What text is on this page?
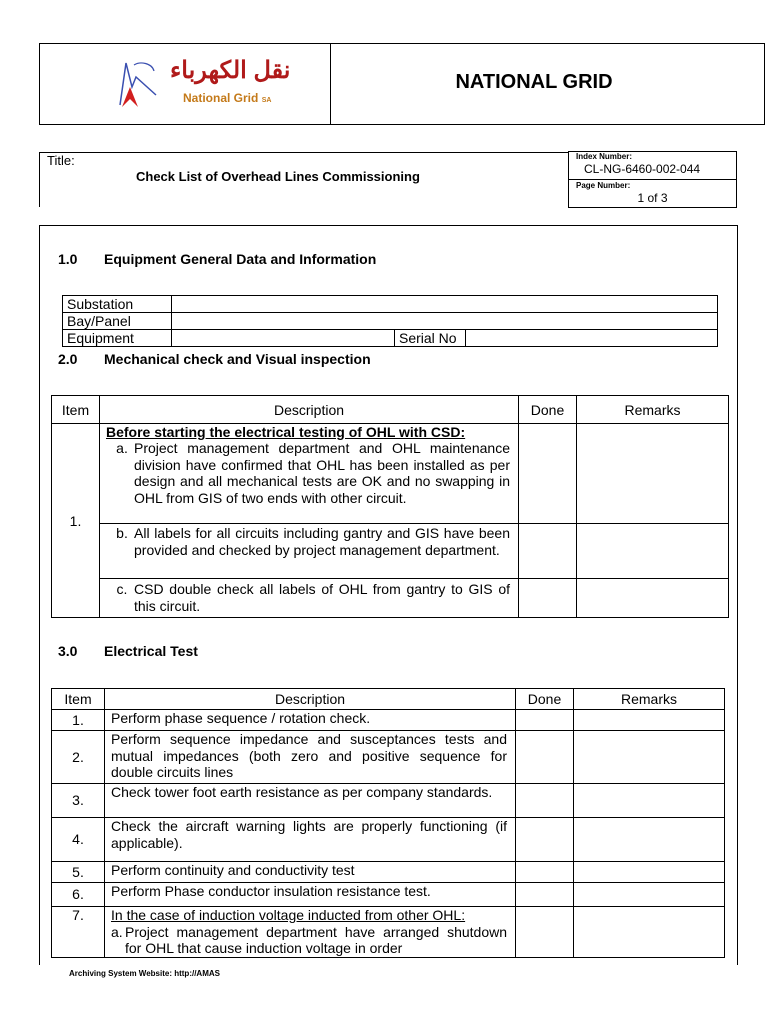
نقل الكهرباء
National Grid SA
NATIONAL GRID
Title:
Check List of Overhead Lines Commissioning
Index Number:
CL-NG-6460-002-044
Page Number:
1 of 3
1.0 Equipment General Data and Information
Substation			
Bay/Panel			
Equipment		Serial No	
2.0 Mechanical check and Visual inspection
Item	Description	Done	Remarks
1.	Before starting the electrical testing of OHL with CSD:
a. Project management department and OHL maintenance division have confirmed that OHL has been installed as per design and all mechanical tests are OK and no swapping in OHL from GIS of two ends with other circuit.		

	b. All labels for all circuits including gantry and GIS have been provided and checked by project management department.		

	c. CSD double check all labels of OHL from gantry to GIS of this circuit.		

3.0 Electrical Test
Item	Description	Done	Remarks
1.	Perform phase sequence / rotation check.		
2.	Perform sequence impedance and susceptances tests and mutual impedances (both zero and positive sequence for double circuits lines		
3.	Check tower foot earth resistance as per company standards.		
4.	Check the aircraft warning lights are properly functioning (if applicable).		
5.	Perform continuity and conductivity test		
6.	Perform Phase conductor insulation resistance test.		
7.	In the case of induction voltage inducted from other OHL:
a. Project management department have arranged shutdown for OHL that cause induction voltage in order		

Archiving System Website: http://AMAS
